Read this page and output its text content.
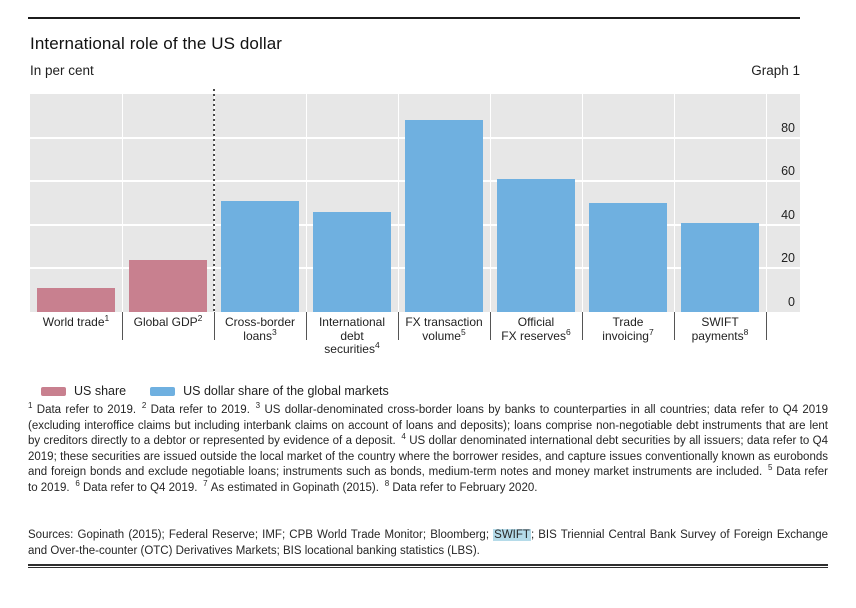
International role of the US dollar
In per cent	Graph 1
0
20
40
60
80
World trade$^1$	Global GDP$^2$	Cross-border
loans$^3$
International
debt
securities$^4$
FX transaction
volume$^5$
Official
FX reserves$^6$
Trade
invoicing$^7$
SWIFT
payments$^8$
US share	US dollar share of the global markets

$^1$ Data refer to 2019.  $^2$ Data refer to 2019.  $^3$ US dollar-denominated cross-border loans by banks to counterparties in all countries; data refer to Q4 2019 (excluding interoffice claims but including interbank claims on account of loans and deposits); loans comprise non-negotiable debt instruments that are lent by creditors directly to a debtor or represented by evidence of a deposit.  $^4$ US dollar denominated international debt securities by all issuers; data refer to Q4 2019; these securities are issued outside the local market of the country where the borrower resides, and capture issues conventionally known as eurobonds and foreign bonds and exclude negotiable loans; instruments such as bonds, medium-term notes and money market instruments are included.  $^5$ Data refer to 2019.  $^6$ Data refer to Q4 2019.  $^7$ As estimated in Gopinath (2015).  $^8$ Data refer to February 2020.

Sources: Gopinath (2015); Federal Reserve; IMF; CPB World Trade Monitor; Bloomberg; SWIFT; BIS Triennial Central Bank Survey of Foreign Exchange and Over-the-counter (OTC) Derivatives Markets; BIS locational banking statistics (LBS).
